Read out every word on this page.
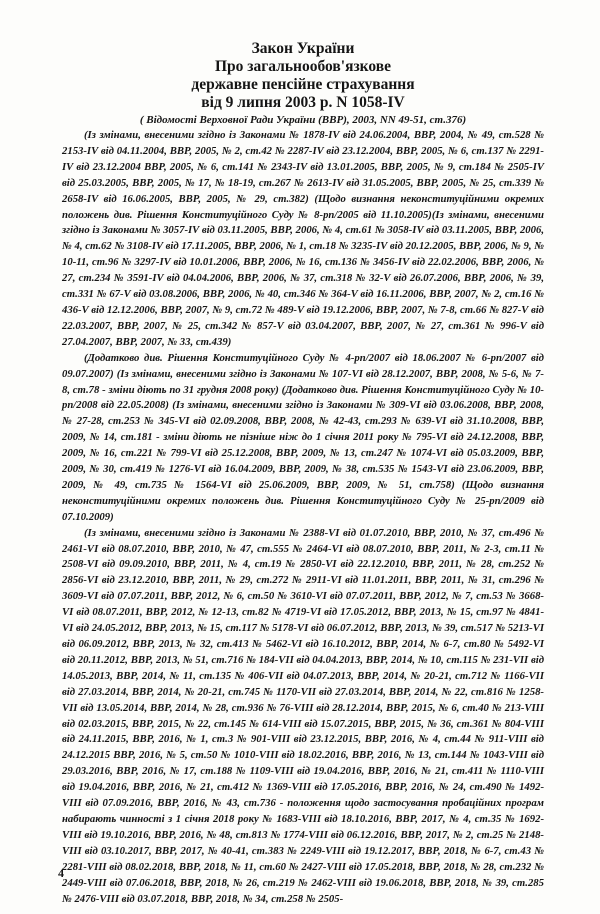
Закон України
Про загальнообов'язкове
державне пенсійне страхування
від 9 липня 2003 р. N 1058-IV
( Відомості Верховної Ради України (ВВР), 2003, NN 49-51, ст.376)

(Із змінами, внесеними згідно із Законами № 1878-IV від 24.06.2004, ВВР, 2004, № 49, ст.528 № 2153-IV від 04.11.2004, ВВР, 2005, № 2, ст.42 № 2287-IV від 23.12.2004, ВВР, 2005, № 6, ст.137 № 2291-IV від 23.12.2004 ВВР, 2005, № 6, ст.141 № 2343-IV від 13.01.2005, ВВР, 2005, № 9, ст.184 № 2505-IV від 25.03.2005, ВВР, 2005, № 17, № 18-19, ст.267 № 2613-IV від 31.05.2005, ВВР, 2005, № 25, ст.339 № 2658-IV від 16.06.2005, ВВР, 2005, № 29, ст.382) (Щодо визнання неконституційними окремих положень див. Рішення Конституційного Суду № 8-рп/2005 від 11.10.2005)(Із змінами, внесеними згідно із Законами № 3057-IV від 03.11.2005, ВВР, 2006, № 4, ст.61 № 3058-IV від 03.11.2005, ВВР, 2006, № 4, ст.62 № 3108-IV від 17.11.2005, ВВР, 2006, № 1, ст.18 № 3235-IV від 20.12.2005, ВВР, 2006, № 9, № 10-11, ст.96 № 3297-IV від 10.01.2006, ВВР, 2006, № 16, ст.136 № 3456-IV від 22.02.2006, ВВР, 2006, № 27, ст.234 № 3591-IV від 04.04.2006, ВВР, 2006, № 37, ст.318 № 32-V від 26.07.2006, ВВР, 2006, № 39, ст.331 № 67-V від 03.08.2006, ВВР, 2006, № 40, ст.346 № 364-V від 16.11.2006, ВВР, 2007, № 2, ст.16 № 436-V від 12.12.2006, ВВР, 2007, № 9, ст.72 № 489-V від 19.12.2006, ВВР, 2007, № 7-8, ст.66 № 827-V від 22.03.2007, ВВР, 2007, № 25, ст.342 № 857-V від 03.04.2007, ВВР, 2007, № 27, ст.361 № 996-V від 27.04.2007, ВВР, 2007, № 33, ст.439)

(Додатково див. Рішення Конституційного Суду № 4-рп/2007 від 18.06.2007 № 6-рп/2007 від 09.07.2007) (Із змінами, внесеними згідно із Законами № 107-VI від 28.12.2007, ВВР, 2008, № 5-6, № 7-8, ст.78 - зміни діють по 31 грудня 2008 року) (Додатково див. Рішення Конституційного Суду № 10-рп/2008 від 22.05.2008) (Із змінами, внесеними згідно із Законами № 309-VI від 03.06.2008, ВВР, 2008, № 27-28, ст.253 № 345-VI від 02.09.2008, ВВР, 2008, № 42-43, ст.293 № 639-VI від 31.10.2008, ВВР, 2009, № 14, ст.181 - зміни діють не пізніше ніж до 1 січня 2011 року № 795-VI від 24.12.2008, ВВР, 2009, № 16, ст.221 № 799-VI від 25.12.2008, ВВР, 2009, № 13, ст.247 № 1074-VI від 05.03.2009, ВВР, 2009, № 30, ст.419 № 1276-VI від 16.04.2009, ВВР, 2009, № 38, ст.535 № 1543-VI від 23.06.2009, ВВР, 2009, № 49, ст.735 № 1564-VI від 25.06.2009, ВВР, 2009, № 51, ст.758) (Щодо визнання неконституційними окремих положень див. Рішення Конституційного Суду № 25-рп/2009 від 07.10.2009)

(Із змінами, внесеними згідно із Законами № 2388-VI від 01.07.2010, ВВР, 2010, № 37, ст.496 № 2461-VI від 08.07.2010, ВВР, 2010, № 47, ст.555 № 2464-VI від 08.07.2010, ВВР, 2011, № 2-3, ст.11 № 2508-VI від 09.09.2010, ВВР, 2011, № 4, ст.19 № 2850-VI від 22.12.2010, ВВР, 2011, № 28, ст.252 № 2856-VI від 23.12.2010, ВВР, 2011, № 29, ст.272 № 2911-VI від 11.01.2011, ВВР, 2011, № 31, ст.296 № 3609-VI від 07.07.2011, ВВР, 2012, № 6, ст.50 № 3610-VI від 07.07.2011, ВВР, 2012, № 7, ст.53 № 3668-VI від 08.07.2011, ВВР, 2012, № 12-13, ст.82 № 4719-VI від 17.05.2012, ВВР, 2013, № 15, ст.97 № 4841-VI від 24.05.2012, ВВР, 2013, № 15, ст.117 № 5178-VI від 06.07.2012, ВВР, 2013, № 39, ст.517 № 5213-VI від 06.09.2012, ВВР, 2013, № 32, ст.413 № 5462-VI від 16.10.2012, ВВР, 2014, № 6-7, ст.80 № 5492-VI від 20.11.2012, ВВР, 2013, № 51, ст.716 № 184-VII від 04.04.2013, ВВР, 2014, № 10, ст.115 № 231-VII від 14.05.2013, ВВР, 2014, № 11, ст.135 № 406-VII від 04.07.2013, ВВР, 2014, № 20-21, ст.712 № 1166-VII від 27.03.2014, ВВР, 2014, № 20-21, ст.745 № 1170-VII від 27.03.2014, ВВР, 2014, № 22, ст.816 № 1258-VII від 13.05.2014, ВВР, 2014, № 28, ст.936 № 76-VIII від 28.12.2014, ВВР, 2015, № 6, ст.40 № 213-VIII від 02.03.2015, ВВР, 2015, № 22, ст.145 № 614-VIII від 15.07.2015, ВВР, 2015, № 36, ст.361 № 804-VIII від 24.11.2015, ВВР, 2016, № 1, ст.3 № 901-VIII від 23.12.2015, ВВР, 2016, № 4, ст.44 № 911-VIII від 24.12.2015 ВВР, 2016, № 5, ст.50 № 1010-VIII від 18.02.2016, ВВР, 2016, № 13, ст.144 № 1043-VIII від 29.03.2016, ВВР, 2016, № 17, ст.188 № 1109-VIII від 19.04.2016, ВВР, 2016, № 21, ст.411 № 1110-VIII від 19.04.2016, ВВР, 2016, № 21, ст.412 № 1369-VIII від 17.05.2016, ВВР, 2016, № 24, ст.490 № 1492-VIII від 07.09.2016, ВВР, 2016, № 43, ст.736 - положення щодо застосування пробаційних програм набирають чинності з 1 січня 2018 року № 1683-VIII від 18.10.2016, ВВР, 2017, № 4, ст.35 № 1692-VIII від 19.10.2016, ВВР, 2016, № 48, ст.813 № 1774-VIII від 06.12.2016, ВВР, 2017, № 2, ст.25 № 2148-VIII від 03.10.2017, ВВР, 2017, № 40-41, ст.383 № 2249-VIII від 19.12.2017, ВВР, 2018, № 6-7, ст.43 № 2281-VIII від 08.02.2018, ВВР, 2018, № 11, ст.60 № 2427-VIII від 17.05.2018, ВВР, 2018, № 28, ст.232 № 2449-VIII від 07.06.2018, ВВР, 2018, № 26, ст.219 № 2462-VIII від 19.06.2018, ВВР, 2018, № 39, ст.285 № 2476-VIII від 03.07.2018, ВВР, 2018, № 34, ст.258 № 2505-

4
